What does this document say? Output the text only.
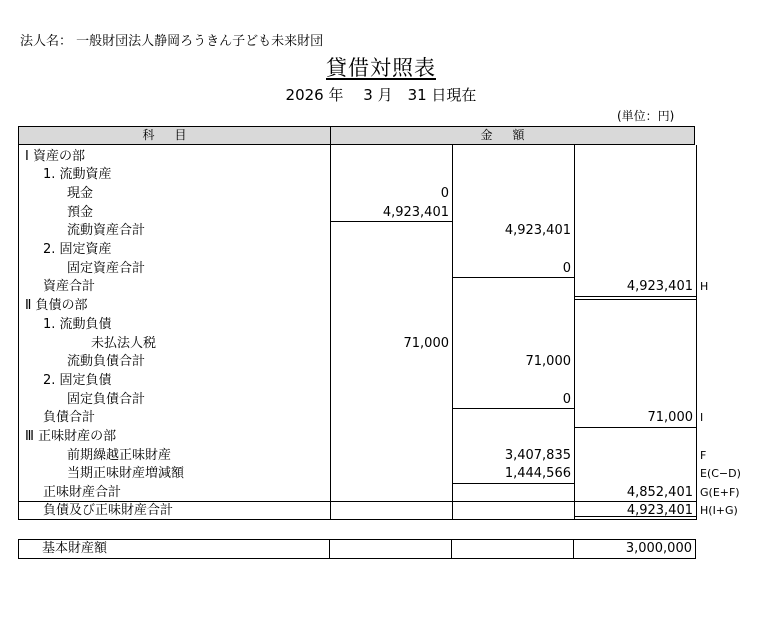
法人名： 一般財団法人静岡ろうきん子ども未来財団
貸借対照表
2026 年　 3 月　31 日現在
(単位：円)
科目	金額
Ⅰ 資産の部
1. 流動資産
現金
預金
流動資産合計
2. 固定資産
固定資産合計
資産合計
Ⅱ 負債の部
1. 流動負債
未払法人税
流動負債合計
2. 固定負債
固定負債合計
負債合計
Ⅲ 正味財産の部
前期繰越正味財産
当期正味財産増減額
正味財産合計
負債及び正味財産合計
0
4,923,401
71,000
4,923,401
0
71,000
0
3,407,835
1,444,566
4,923,401
71,000
4,852,401
4,923,401
H
I
F
E(C−D)
G(E+F)
H(I+G)
基本財産額	3,000,000
